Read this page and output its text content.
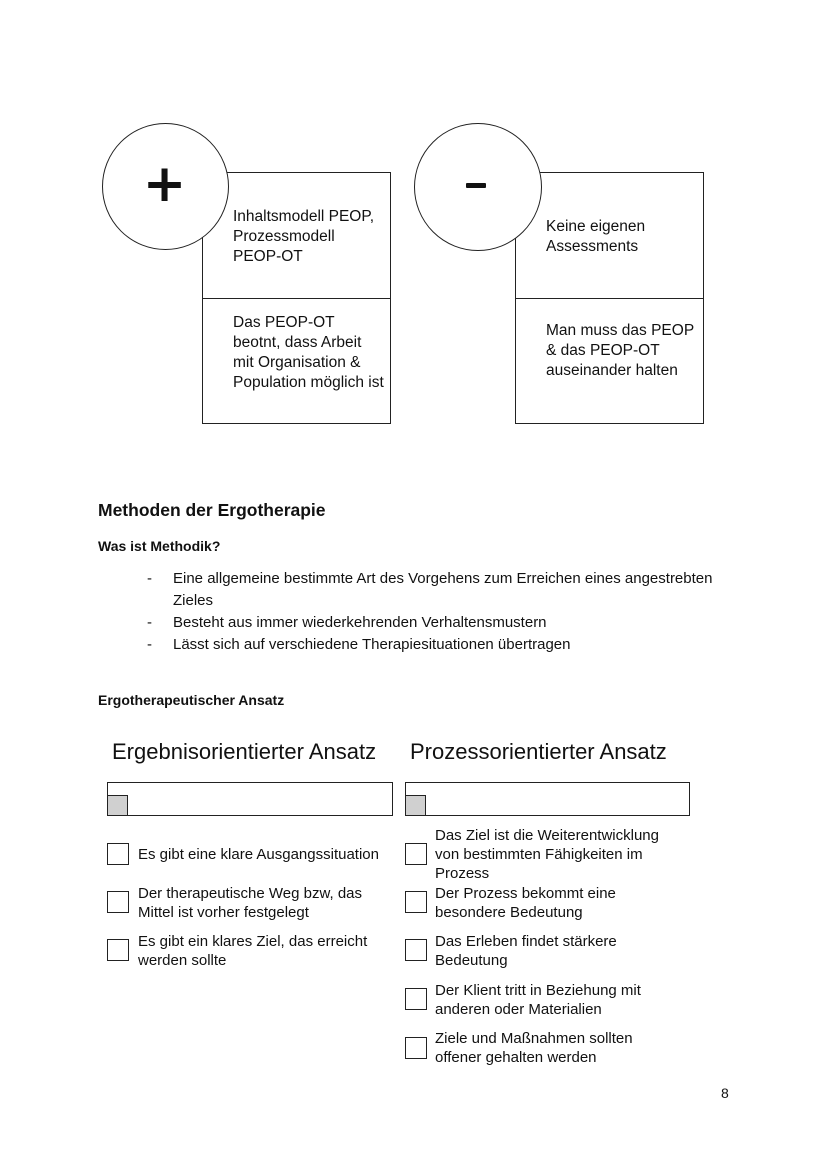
Inhaltsmodell PEOP, Prozessmodell PEOP-OT
Das PEOP-OT beotnt, dass Arbeit mit Organisation & Population möglich ist
+
Keine eigenen Assessments
Man muss das PEOP & das PEOP-OT auseinander halten
Methoden der Ergotherapie
Was ist Methodik?
-	Eine allgemeine bestimmte Art des Vorgehens zum Erreichen eines angestrebten Zieles
-	Besteht aus immer wiederkehrenden Verhaltensmustern
-	Lässt sich auf verschiedene Therapiesituationen übertragen
Ergotherapeutischer Ansatz
Ergebnisorientierter Ansatz
Es gibt eine klare Ausgangssituation
Der therapeutische Weg bzw, das Mittel ist vorher festgelegt
Es gibt ein klares Ziel, das erreicht werden sollte
Prozessorientierter Ansatz
Das Ziel ist die Weiterentwicklung von bestimmten Fähigkeiten im Prozess
Der Prozess bekommt eine besondere Bedeutung
Das Erleben findet stärkere Bedeutung
Der Klient tritt in Beziehung mit anderen oder Materialien
Ziele und Maßnahmen sollten offener gehalten werden
8
